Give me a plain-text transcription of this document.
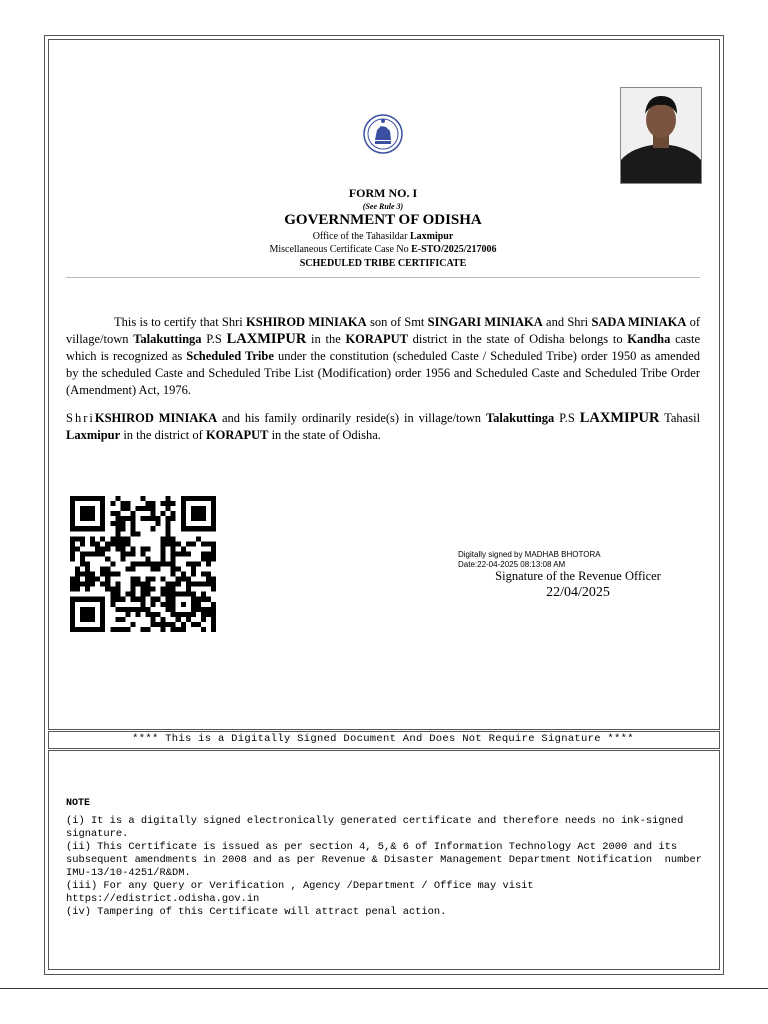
FORM NO. I
(See Rule 3)
GOVERNMENT OF ODISHA
Office of the Tahasildar Laxmipur
Miscellaneous Certificate Case No E-STO/2025/217006
SCHEDULED TRIBE CERTIFICATE
This is to certify that Shri KSHIROD MINIAKA son of Smt SINGARI MINIAKA and Shri SADA MINIAKA of village/town Talakuttinga P.S LAXMIPUR in the KORAPUT district in the state of Odisha belongs to Kandha caste which is recognized as Scheduled Tribe under the constitution (scheduled Caste / Scheduled Tribe) order 1950 as amended by the scheduled Caste and Scheduled Tribe List (Modification) order 1956 and Scheduled Caste and Scheduled Tribe Order (Amendment) Act, 1976.
ShriKSHIROD MINIAKA and his family ordinarily reside(s) in village/town Talakuttinga P.S LAXMIPUR Tahasil Laxmipur in the district of KORAPUT in the state of Odisha.
Digitally signed by MADHAB BHOTORA
Date:22-04-2025 08:13:08 AM
Signature of the Revenue Officer
22/04/2025
**** This is a Digitally Signed Document And Does Not Require Signature ****
NOTE
(i) It is a digitally signed electronically generated certificate and therefore needs no ink-signed signature.
(ii) This Certificate is issued as per section 4, 5,& 6 of Information Technology Act 2000 and its subsequent amendments in 2008 and as per Revenue & Disaster Management Department Notification  number IMU-13/10-4251/R&DM.
(iii) For any Query or Verification , Agency /Department / Office may visit https://edistrict.odisha.gov.in
(iv) Tampering of this Certificate will attract penal action.
